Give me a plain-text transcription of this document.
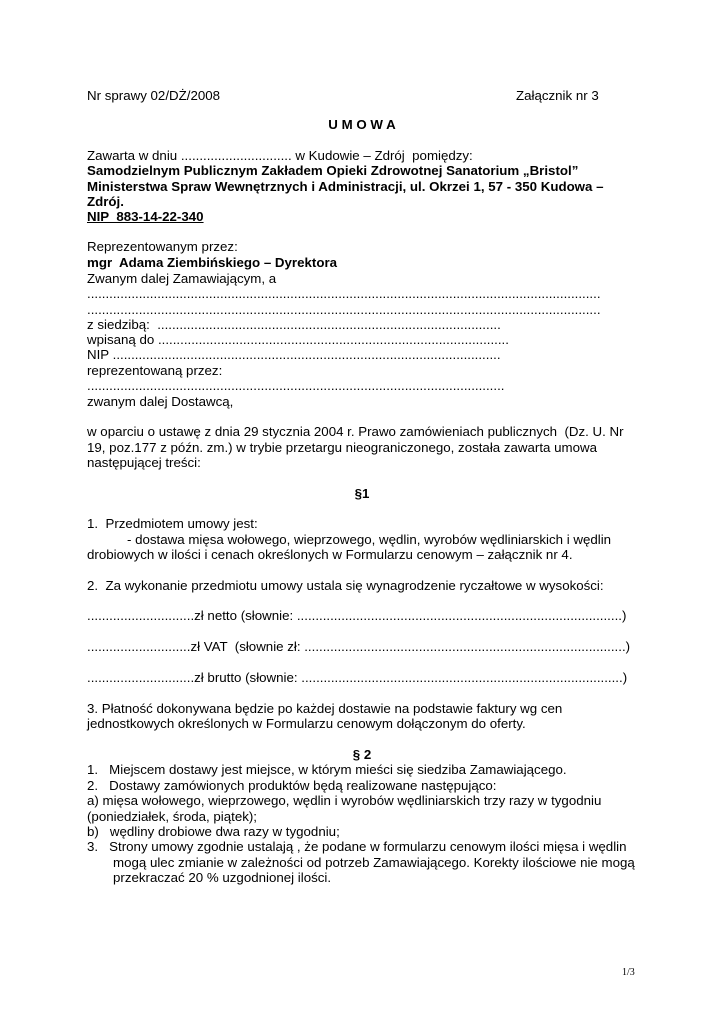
Nr sprawy 02/DŻ/2008	Załącznik nr 3
U M O W A
Zawarta w dniu .............................. w Kudowie – Zdrój  pomiędzy:
Samodzielnym Publicznym Zakładem Opieki Zdrowotnej Sanatorium „Bristol”
Ministerstwa Spraw Wewnętrznych i Administracji, ul. Okrzei 1, 57 - 350 Kudowa –
Zdrój.
NIP  883-14-22-340
Reprezentowanym przez:
mgr  Adama Ziembińskiego – Dyrektora
Zwanym dalej Zamawiającym, a
...........................................................................................................................................
...........................................................................................................................................
z siedzibą:  .............................................................................................
wpisaną do ...............................................................................................
NIP .........................................................................................................
reprezentowaną przez:
.................................................................................................................
zwanym dalej Dostawcą,
w oparciu o ustawę z dnia 29 stycznia 2004 r. Prawo zamówieniach publicznych  (Dz. U. Nr
19, poz.177 z późn. zm.) w trybie przetargu nieograniczonego, została zawarta umowa
następującej treści:
§1
1.  Przedmiotem umowy jest:
- dostawa mięsa wołowego, wieprzowego, wędlin, wyrobów wędliniarskich i wędlin
drobiowych w ilości i cenach określonych w Formularzu cenowym – załącznik nr 4.
2.  Za wykonanie przedmiotu umowy ustala się wynagrodzenie ryczałtowe w wysokości:
.............................zł netto (słownie: ........................................................................................)
............................zł VAT  (słownie zł: .......................................................................................)
.............................zł brutto (słownie: .......................................................................................)
3. Płatność dokonywana będzie po każdej dostawie na podstawie faktury wg cen
jednostkowych określonych w Formularzu cenowym dołączonym do oferty.
§ 2
1.   Miejscem dostawy jest miejsce, w którym mieści się siedziba Zamawiającego.
2.   Dostawy zamówionych produktów będą realizowane następująco:
a) mięsa wołowego, wieprzowego, wędlin i wyrobów wędliniarskich trzy razy w tygodniu
(poniedziałek, środa, piątek);
b)   wędliny drobiowe dwa razy w tygodniu;
3.   Strony umowy zgodnie ustalają , że podane w formularzu cenowym ilości mięsa i wędlin
mogą ulec zmianie w zależności od potrzeb Zamawiającego. Korekty ilościowe nie mogą
przekraczać 20 % uzgodnionej ilości.
1/3
